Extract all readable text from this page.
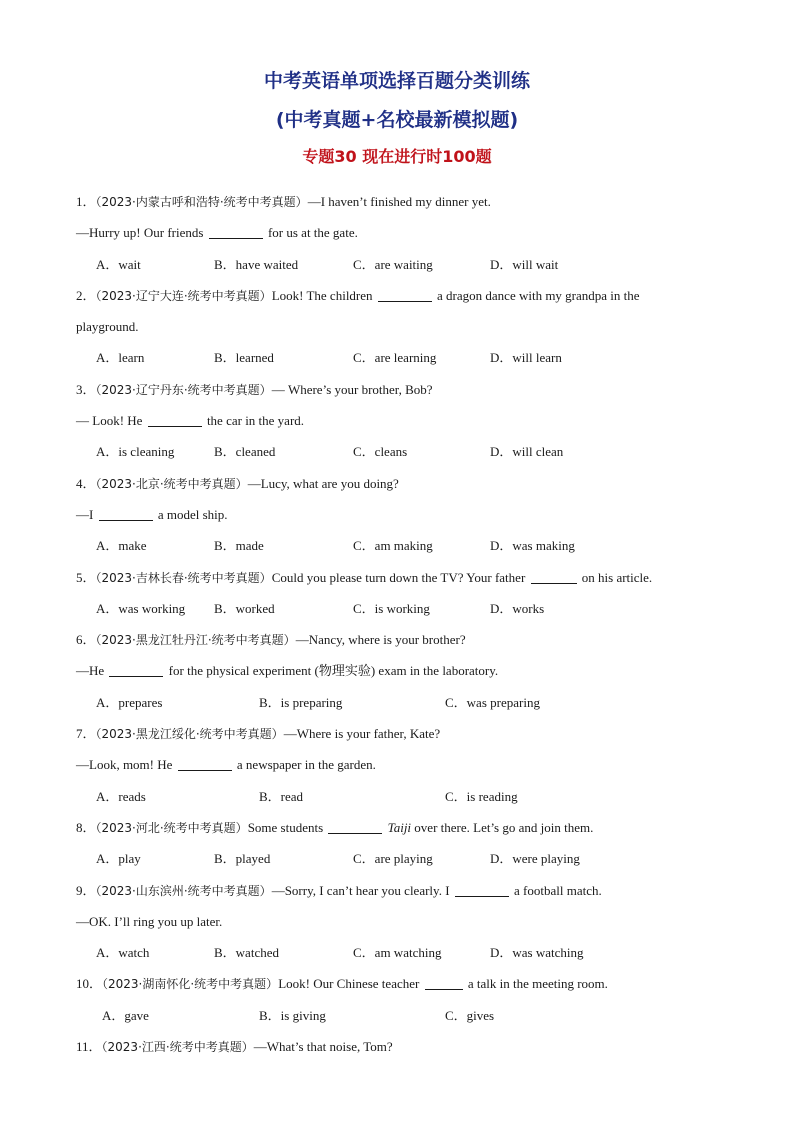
中考英语单项选择百题分类训练
(中考真题+名校最新模拟题)
专题30 现在进行时100题
1．（2023·内蒙古呼和浩特·统考中考真题）—I haven’t finished my dinner yet.
—Hurry up! Our friends	for us at the gate.
A．wait	B．have waited	C．are waiting	D．will wait
2．（2023·辽宁大连·统考中考真题）Look! The children	a dragon dance with my grandpa in the
playground.
A．learn	B．learned	C．are learning	D．will learn
3．（2023·辽宁丹东·统考中考真题）— Where’s your brother, Bob?
— Look! He	the car in the yard.
A．is cleaning	B．cleaned	C．cleans	D．will clean
4．（2023·北京·统考中考真题）—Lucy, what are you doing?
—I	a model ship.
A．make	B．made	C．am making	D．was making
5．（2023·吉林长春·统考中考真题）Could you please turn down the TV? Your father	on his article.
A．was working B．worked	C．is working	D．works
6．（2023·黑龙江牡丹江·统考中考真题）—Nancy, where is your brother?
—He	for the physical experiment (物理实验) exam in the laboratory.
A．prepares	B．is preparing	C．was preparing
7．（2023·黑龙江绥化·统考中考真题）—Where is your father, Kate?
—Look, mom! He	a newspaper in the garden.
A．reads	B．read	C．is reading
8．（2023·河北·统考中考真题）Some students	Taiji over there. Let’s go and join them.
A．play	B．played	C．are playing	D．were playing
9．（2023·山东滨州·统考中考真题）—Sorry, I can’t hear you clearly. I	a football match.
—OK. I’ll ring you up later.
A．watch	B．watched	C．am watching	D．was watching
10．（2023·湖南怀化·统考中考真题）Look! Our Chinese teacher	a talk in the meeting room.
A．gave	B．is giving	C．gives
11．（2023·江西·统考中考真题）—What’s that noise, Tom?
